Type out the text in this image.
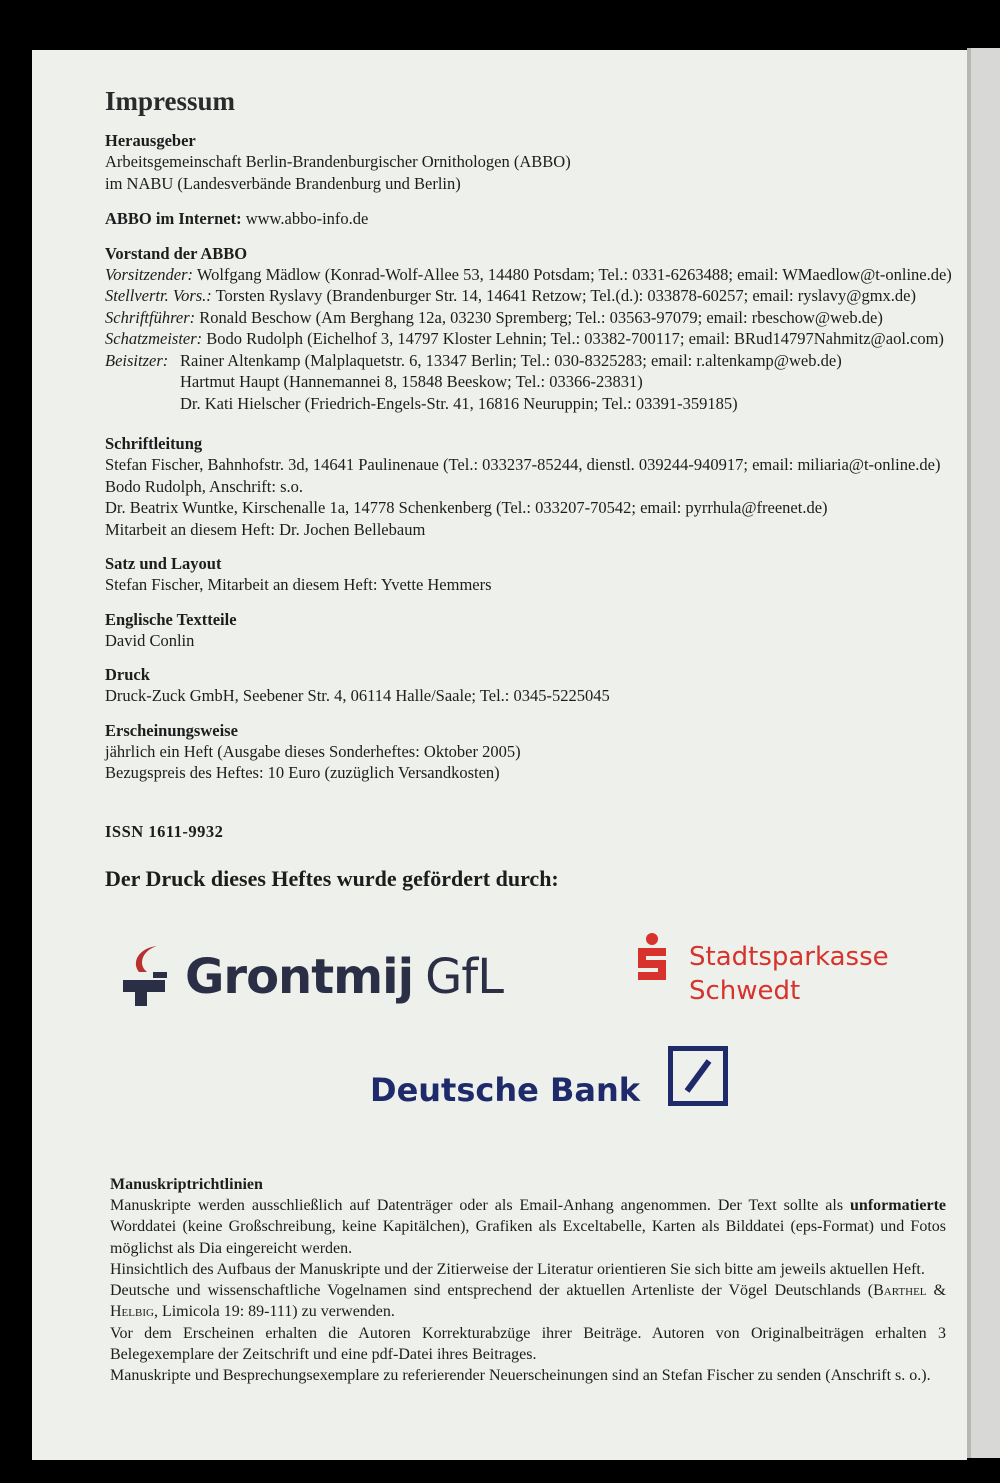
Impressum
Herausgeber
Arbeitsgemeinschaft Berlin-Brandenburgischer Ornithologen (ABBO)
im NABU (Landesverbände Brandenburg und Berlin)
ABBO im Internet: www.abbo-info.de
Vorstand der ABBO
Vorsitzender: Wolfgang Mädlow (Konrad-Wolf-Allee 53, 14480 Potsdam; Tel.: 0331-6263488; email: WMaedlow@t-online.de)
Stellvertr. Vors.: Torsten Ryslavy (Brandenburger Str. 14, 14641 Retzow; Tel.(d.): 033878-60257; email: ryslavy@gmx.de)
Schriftführer: Ronald Beschow (Am Berghang 12a, 03230 Spremberg; Tel.: 03563-97079; email: rbeschow@web.de)
Schatzmeister: Bodo Rudolph (Eichelhof 3, 14797 Kloster Lehnin; Tel.: 03382-700117; email: BRud14797Nahmitz@aol.com)
Beisitzer: Rainer Altenkamp (Malplaquetstr. 6, 13347 Berlin; Tel.: 030-8325283; email: r.altenkamp@web.de)
Hartmut Haupt (Hannemannei 8, 15848 Beeskow; Tel.: 03366-23831)
Dr. Kati Hielscher (Friedrich-Engels-Str. 41, 16816 Neuruppin; Tel.: 03391-359185)
Schriftleitung
Stefan Fischer, Bahnhofstr. 3d, 14641 Paulinenaue (Tel.: 033237-85244, dienstl. 039244-940917; email: miliaria@t-online.de)
Bodo Rudolph, Anschrift: s.o.
Dr. Beatrix Wuntke, Kirschenalle 1a, 14778 Schenkenberg (Tel.: 033207-70542; email: pyrrhula@freenet.de)
Mitarbeit an diesem Heft: Dr. Jochen Bellebaum
Satz und Layout
Stefan Fischer, Mitarbeit an diesem Heft: Yvette Hemmers
Englische Textteile
David Conlin
Druck
Druck-Zuck GmbH, Seebener Str. 4, 06114 Halle/Saale; Tel.: 0345-5225045
Erscheinungsweise
jährlich ein Heft (Ausgabe dieses Sonderheftes: Oktober 2005)
Bezugspreis des Heftes: 10 Euro (zuzüglich Versandkosten)
ISSN 1611-9932
Der Druck dieses Heftes wurde gefördert durch:
Grontmij GfL	Stadtsparkasse
Schwedt
Deutsche Bank
Manuskriptrichtlinien
Manuskripte werden ausschließlich auf Datenträger oder als Email-Anhang angenommen. Der Text sollte als unformatierte Worddatei (keine Großschreibung, keine Kapitälchen), Grafiken als Exceltabelle, Karten als Bilddatei (eps-Format) und Fotos möglichst als Dia eingereicht werden.
Hinsichtlich des Aufbaus der Manuskripte und der Zitierweise der Literatur orientieren Sie sich bitte am jeweils aktuellen Heft.
Deutsche und wissenschaftliche Vogelnamen sind entsprechend der aktuellen Artenliste der Vögel Deutschlands (Barthel & Helbig, Limicola 19: 89-111) zu verwenden.
Vor dem Erscheinen erhalten die Autoren Korrekturabzüge ihrer Beiträge. Autoren von Originalbeiträgen erhalten 3 Belegexemplare der Zeitschrift und eine pdf-Datei ihres Beitrages.
Manuskripte und Besprechungsexemplare zu referierender Neuerscheinungen sind an Stefan Fischer zu senden (Anschrift s. o.).
